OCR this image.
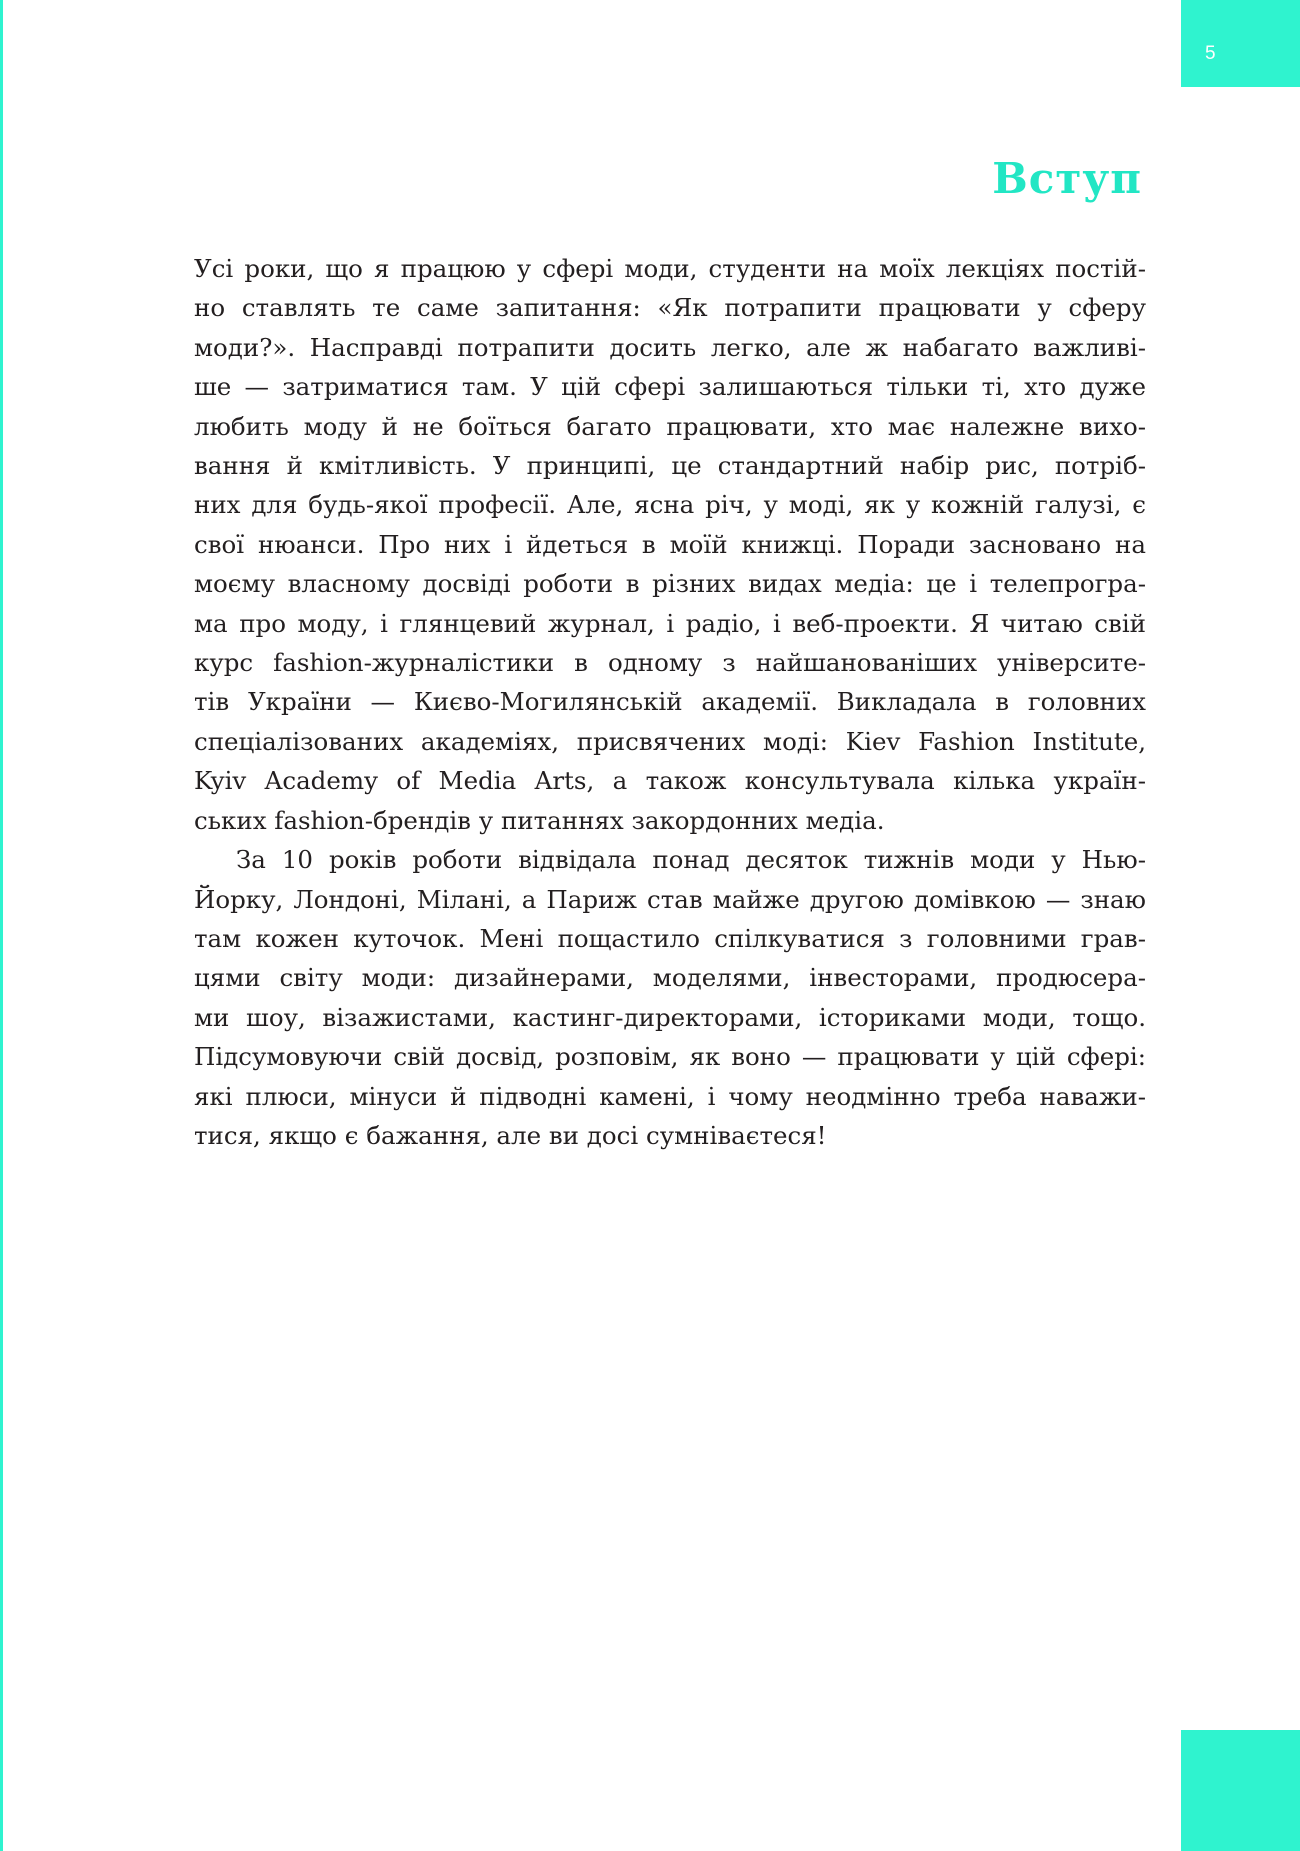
5
Вступ

Усі роки, що я працюю у сфері моди, студенти на моїх лекціях постій-

но ставлять те саме запитання: «Як потрапити працювати у сферу

моди?». Насправді потрапити досить легко, але ж набагато важливі-

ше — затриматися там. У цій сфері залишаються тільки ті, хто дуже

любить моду й не боїться багато працювати, хто має належне вихо-

вання й кмітливість. У принципі, це стандартний набір рис, потріб-

них для будь-якої професії. Але, ясна річ, у моді, як у кожній галузі, є

свої нюанси. Про них і йдеться в моїй книжці. Поради засновано на

моєму власному досвіді роботи в різних видах медіа: це і телепрогра-

ма про моду, і глянцевий журнал, і радіо, і веб-проекти. Я читаю свій

курс fashion-журналістики в одному з найшанованіших університе-

тів України — Києво-Могилянській академії. Викладала в головних

спеціалізованих академіях, присвячених моді: Kiev Fashion Institute,

Kyiv Academy of Media Arts, а також консультувала кілька україн-

ських fashion-брендів у питаннях закордонних медіа.

За 10 років роботи відвідала понад десяток тижнів моди у Нью-

Йорку, Лондоні, Мілані, а Париж став майже другою домівкою — знаю

там кожен куточок. Мені пощастило спілкуватися з головними грав-

цями світу моди: дизайнерами, моделями, інвесторами, продюсера-

ми шоу, візажистами, кастинг-директорами, істориками моди, тощо.

Підсумовуючи свій досвід, розповім, як воно — працювати у цій сфері:

які плюси, мінуси й підводні камені, і чому неодмінно треба наважи-

тися, якщо є бажання, але ви досі сумніваєтеся!
